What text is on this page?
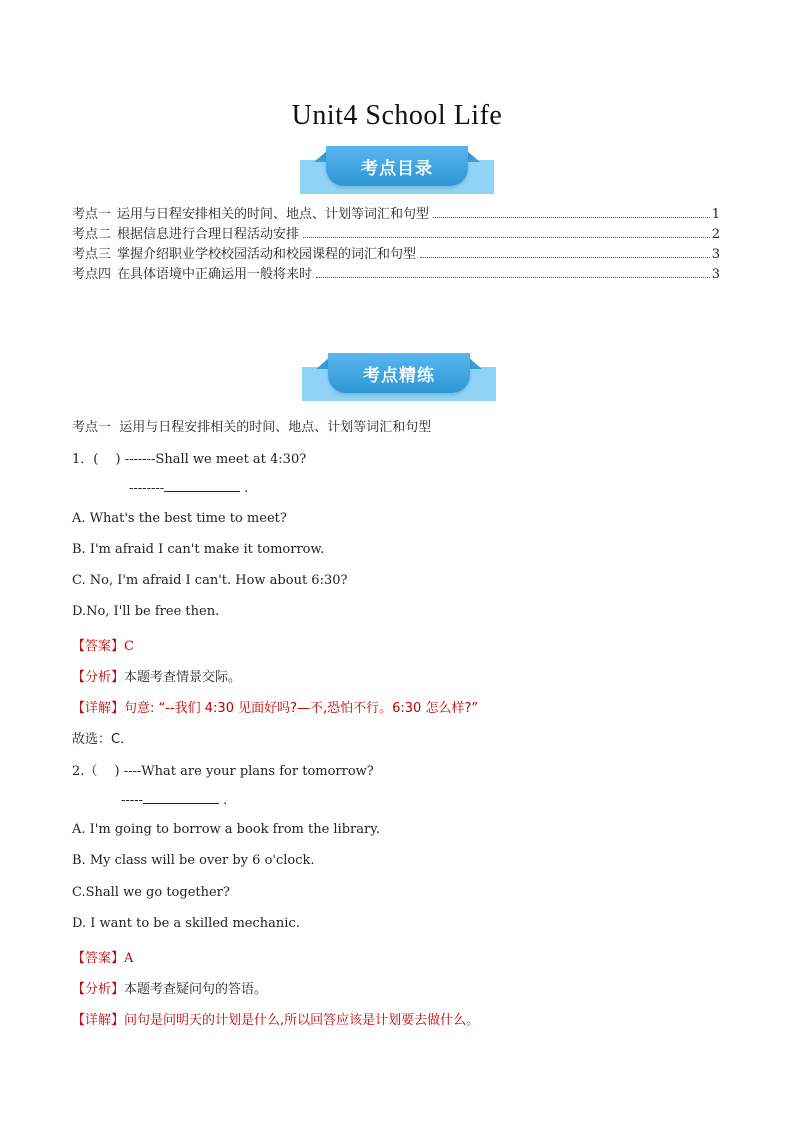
Unit4 School Life
考点目录
考点一 运用与日程安排相关的时间、地点、计划等词汇和句型	1
考点二 根据信息进行合理日程活动安排	2
考点三 掌握介绍职业学校校园活动和校园课程的词汇和句型	3
考点四 在具体语境中正确运用一般将来时	3
考点精练
考点一 运用与日程安排相关的时间、地点、计划等词汇和句型
1．(　 ) -------Shall we meet at 4:30?
--------	.
A. What's the best time to meet?
B. I'm afraid I can't make it tomorrow.
C. No, I'm afraid I can't. How about 6:30?
D.No, I'll be free then.
【答案】C
【分析】本题考查情景交际。
【详解】句意: “--我们 4:30 见面好吗?—不,恐怕不行。6:30 怎么样?”
故选：C．
2.（　 ) ----What are your plans for tomorrow?
-----	.
A. I'm going to borrow a book from the library.
B. My class will be over by 6 o'clock.
C.Shall we go together?
D. I want to be a skilled mechanic.
【答案】A
【分析】本题考查疑问句的答语。
【详解】问句是问明天的计划是什么,所以回答应该是计划要去做什么。
